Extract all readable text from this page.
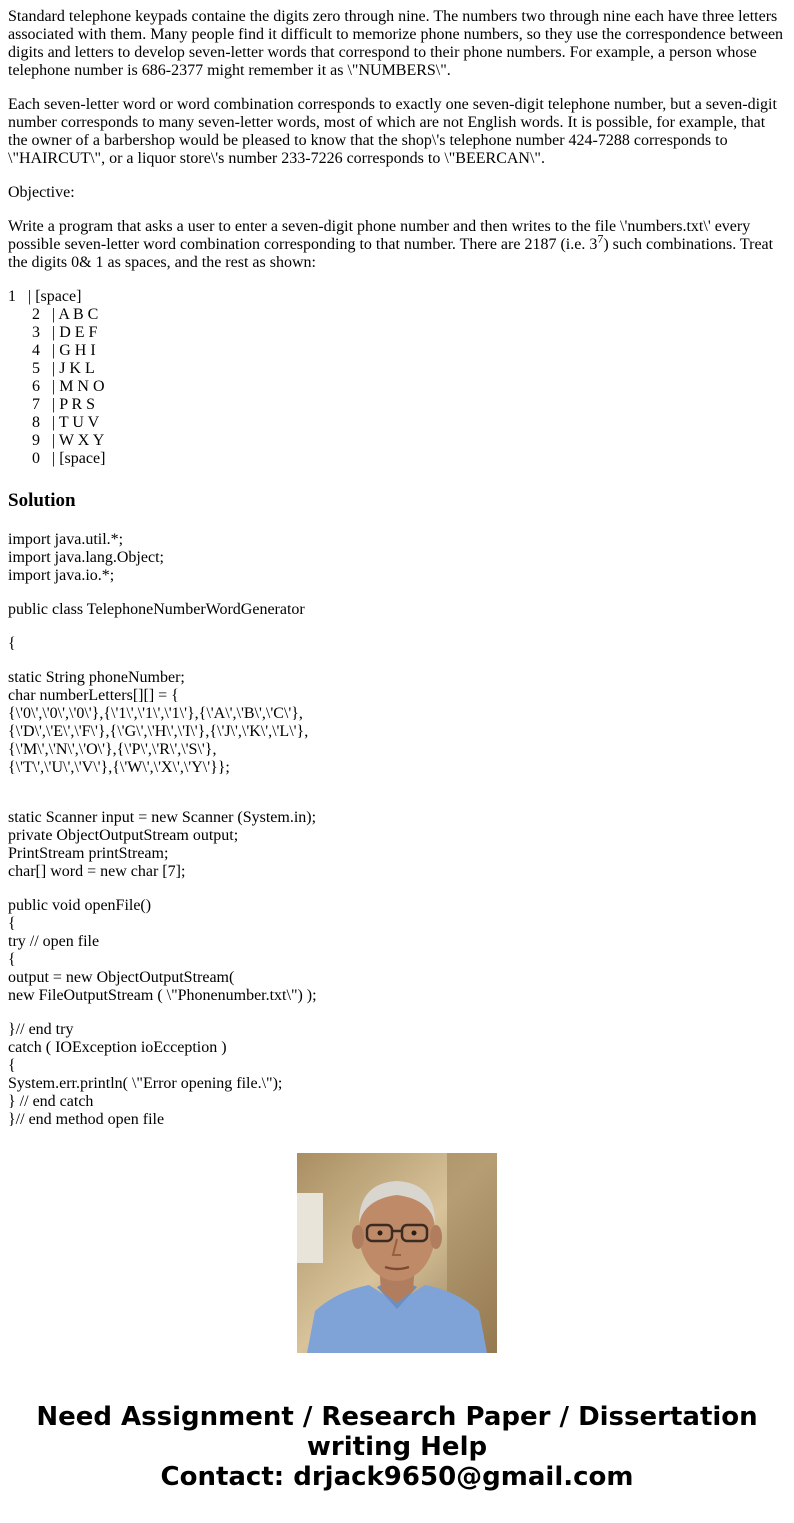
Standard telephone keypads containe the digits zero through nine. The numbers two through nine each have three letters associated with them. Many people find it difficult to memorize phone numbers, so they use the correspondence between digits and letters to develop seven-letter words that correspond to their phone numbers. For example, a person whose telephone number is 686-2377 might remember it as \"NUMBERS\".

Each seven-letter word or word combination corresponds to exactly one seven-digit telephone number, but a seven-digit number corresponds to many seven-letter words, most of which are not English words. It is possible, for example, that the owner of a barbershop would be pleased to know that the shop\'s telephone number 424-7288 corresponds to \"HAIRCUT\", or a liquor store\'s number 233-7226 corresponds to \"BEERCAN\".

Objective:

Write a program that asks a user to enter a seven-digit phone number and then writes to the file \'numbers.txt\' every possible seven-letter word combination corresponding to that number. There are 2187 (i.e. $3^7$) such combinations. Treat the digits 0& 1 as spaces, and the rest as shown:

1   | [space]
2   | A B C
3   | D E F
4   | G H I
5   | J K L
6   | M N O
7   | P R S
8   | T U V
9   | W X Y
0   | [space]
Solution
import java.util.*;
import java.lang.Object;
import java.io.*;
public class TelephoneNumberWordGenerator
{
static String phoneNumber;
char numberLetters[][] = {
{\'0\',\'0\',\'0\'},{\'1\',\'1\',\'1\'},{\'A\',\'B\',\'C\'},
{\'D\',\'E\',\'F\'},{\'G\',\'H\',\'I\'},{\'J\',\'K\',\'L\'},
{\'M\',\'N\',\'O\'},{\'P\',\'R\',\'S\'},
{\'T\',\'U\',\'V\'},{\'W\',\'X\',\'Y\'}};
static Scanner input = new Scanner (System.in);
private ObjectOutputStream output;
PrintStream printStream;
char[] word = new char [7];
public void openFile()
{
try // open file
{
output = new ObjectOutputStream(
new FileOutputStream ( \"Phonenumber.txt\") );
}// end try
catch ( IOException ioEcception )
{
System.err.println( \"Error opening file.\");
} // end catch
}// end method open file
Need Assignment / Research Paper / Dissertation
writing Help
Contact: drjack9650@gmail.com
